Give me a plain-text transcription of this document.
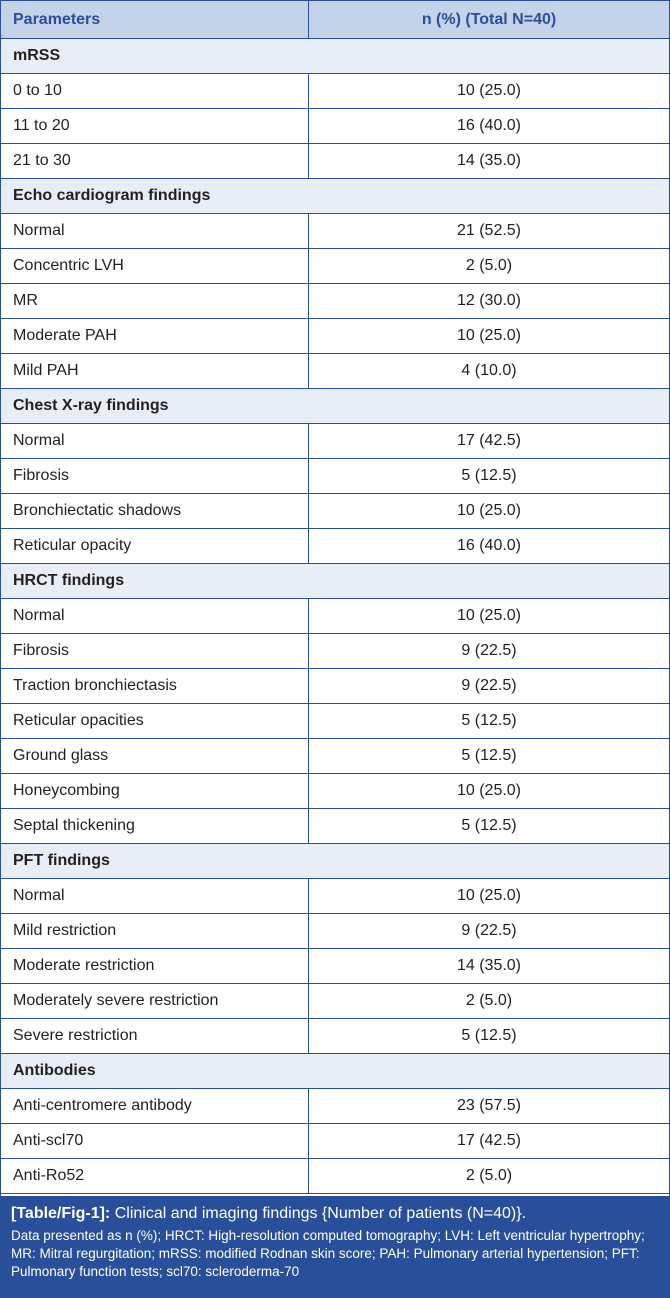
Parameters	n (%) (Total N=40)
mRSS
0 to 10	10 (25.0)
11 to 20	16 (40.0)
21 to 30	14 (35.0)
Echo cardiogram findings
Normal	21 (52.5)
Concentric LVH	2 (5.0)
MR	12 (30.0)
Moderate PAH	10 (25.0)
Mild PAH	4 (10.0)
Chest X-ray findings
Normal	17 (42.5)
Fibrosis	5 (12.5)
Bronchiectatic shadows	10 (25.0)
Reticular opacity	16 (40.0)
HRCT findings
Normal	10 (25.0)
Fibrosis	9 (22.5)
Traction bronchiectasis	9 (22.5)
Reticular opacities	5 (12.5)
Ground glass	5 (12.5)
Honeycombing	10 (25.0)
Septal thickening	5 (12.5)
PFT findings
Normal	10 (25.0)
Mild restriction	9 (22.5)
Moderate restriction	14 (35.0)
Moderately severe restriction	2 (5.0)
Severe restriction	5 (12.5)
Antibodies
Anti-centromere antibody	23 (57.5)
Anti-scl70	17 (42.5)
Anti-Ro52	2 (5.0)
[Table/Fig-1]: Clinical and imaging findings {Number of patients (N=40)}.
Data presented as n (%); HRCT: High-resolution computed tomography; LVH: Left ventricular hypertrophy; MR: Mitral regurgitation; mRSS: modified Rodnan skin score; PAH: Pulmonary arterial hypertension; PFT: Pulmonary function tests; scl70: scleroderma-70
